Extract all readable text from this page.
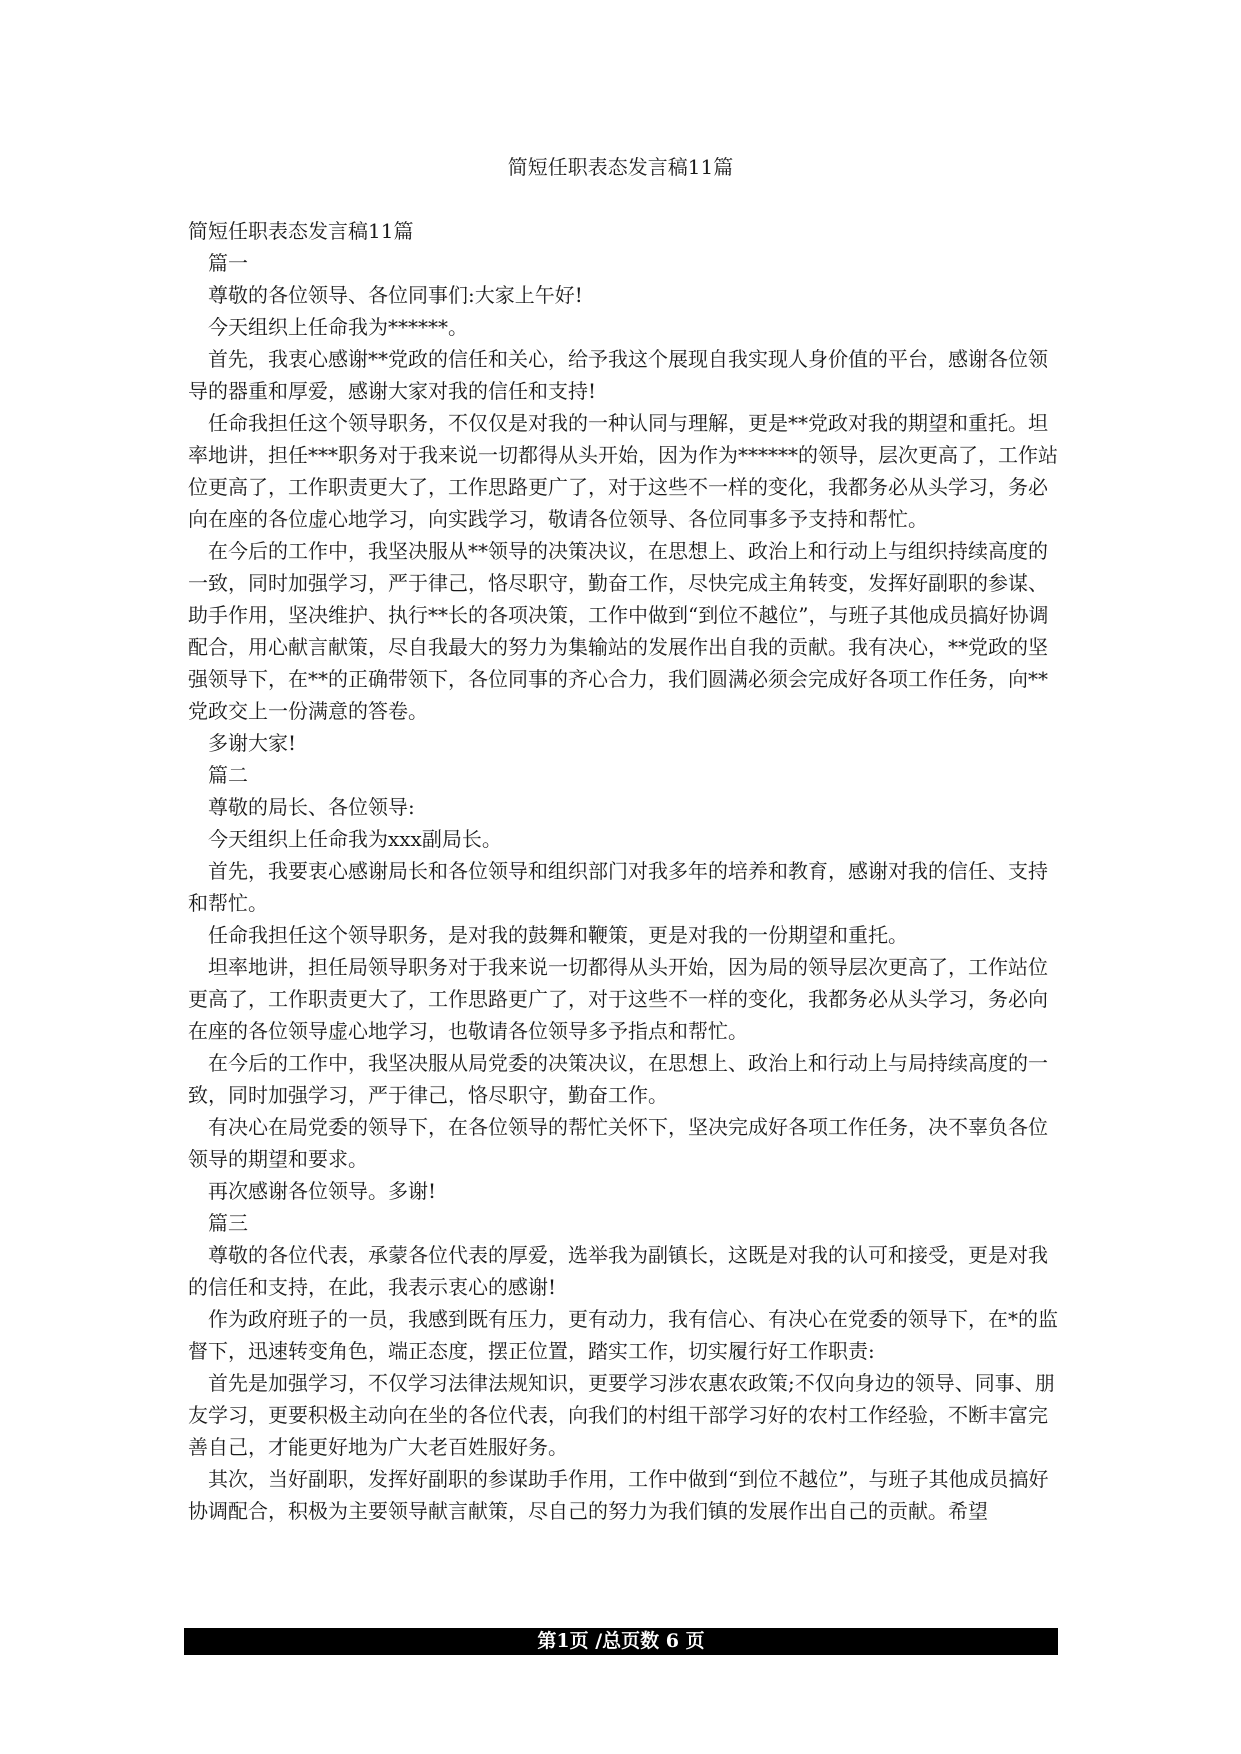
简短任职表态发言稿11篇

简短任职表态发言稿11篇

篇一

尊敬的各位领导、各位同事们:大家上午好!

今天组织上任命我为******。

首先，我衷心感谢**党政的信任和关心，给予我这个展现自我实现人身价值的平台，感谢各位领导的器重和厚爱，感谢大家对我的信任和支持!

任命我担任这个领导职务，不仅仅是对我的一种认同与理解，更是**党政对我的期望和重托。坦率地讲，担任***职务对于我来说一切都得从头开始，因为作为******的领导，层次更高了，工作站位更高了，工作职责更大了，工作思路更广了，对于这些不一样的变化，我都务必从头学习，务必向在座的各位虚心地学习，向实践学习，敬请各位领导、各位同事多予支持和帮忙。

在今后的工作中，我坚决服从**领导的决策决议，在思想上、政治上和行动上与组织持续高度的一致，同时加强学习，严于律己，恪尽职守，勤奋工作，尽快完成主角转变，发挥好副职的参谋、助手作用，坚决维护、执行**长的各项决策，工作中做到“到位不越位”，与班子其他成员搞好协调配合，用心献言献策，尽自我最大的努力为集输站的发展作出自我的贡献。我有决心，**党政的坚强领导下，在**的正确带领下，各位同事的齐心合力，我们圆满必须会完成好各项工作任务，向**党政交上一份满意的答卷。

多谢大家!

篇二

尊敬的局长、各位领导:

今天组织上任命我为xxx副局长。

首先，我要衷心感谢局长和各位领导和组织部门对我多年的培养和教育，感谢对我的信任、支持和帮忙。

任命我担任这个领导职务，是对我的鼓舞和鞭策，更是对我的一份期望和重托。

坦率地讲，担任局领导职务对于我来说一切都得从头开始，因为局的领导层次更高了，工作站位更高了，工作职责更大了，工作思路更广了，对于这些不一样的变化，我都务必从头学习，务必向在座的各位领导虚心地学习，也敬请各位领导多予指点和帮忙。

在今后的工作中，我坚决服从局党委的决策决议，在思想上、政治上和行动上与局持续高度的一致，同时加强学习，严于律己，恪尽职守，勤奋工作。

有决心在局党委的领导下，在各位领导的帮忙关怀下，坚决完成好各项工作任务，决不辜负各位领导的期望和要求。

再次感谢各位领导。多谢!

篇三

尊敬的各位代表，承蒙各位代表的厚爱，选举我为副镇长，这既是对我的认可和接受，更是对我的信任和支持，在此，我表示衷心的感谢!

作为政府班子的一员，我感到既有压力，更有动力，我有信心、有决心在党委的领导下，在*的监督下，迅速转变角色，端正态度，摆正位置，踏实工作，切实履行好工作职责:

首先是加强学习，不仅学习法律法规知识，更要学习涉农惠农政策;不仅向身边的领导、同事、朋友学习，更要积极主动向在坐的各位代表，向我们的村组干部学习好的农村工作经验，不断丰富完善自己，才能更好地为广大老百姓服好务。

其次，当好副职，发挥好副职的参谋助手作用，工作中做到“到位不越位”，与班子其他成员搞好协调配合，积极为主要领导献言献策，尽自己的努力为我们镇的发展作出自己的贡献。希望

第1页 /总页数 6 页
